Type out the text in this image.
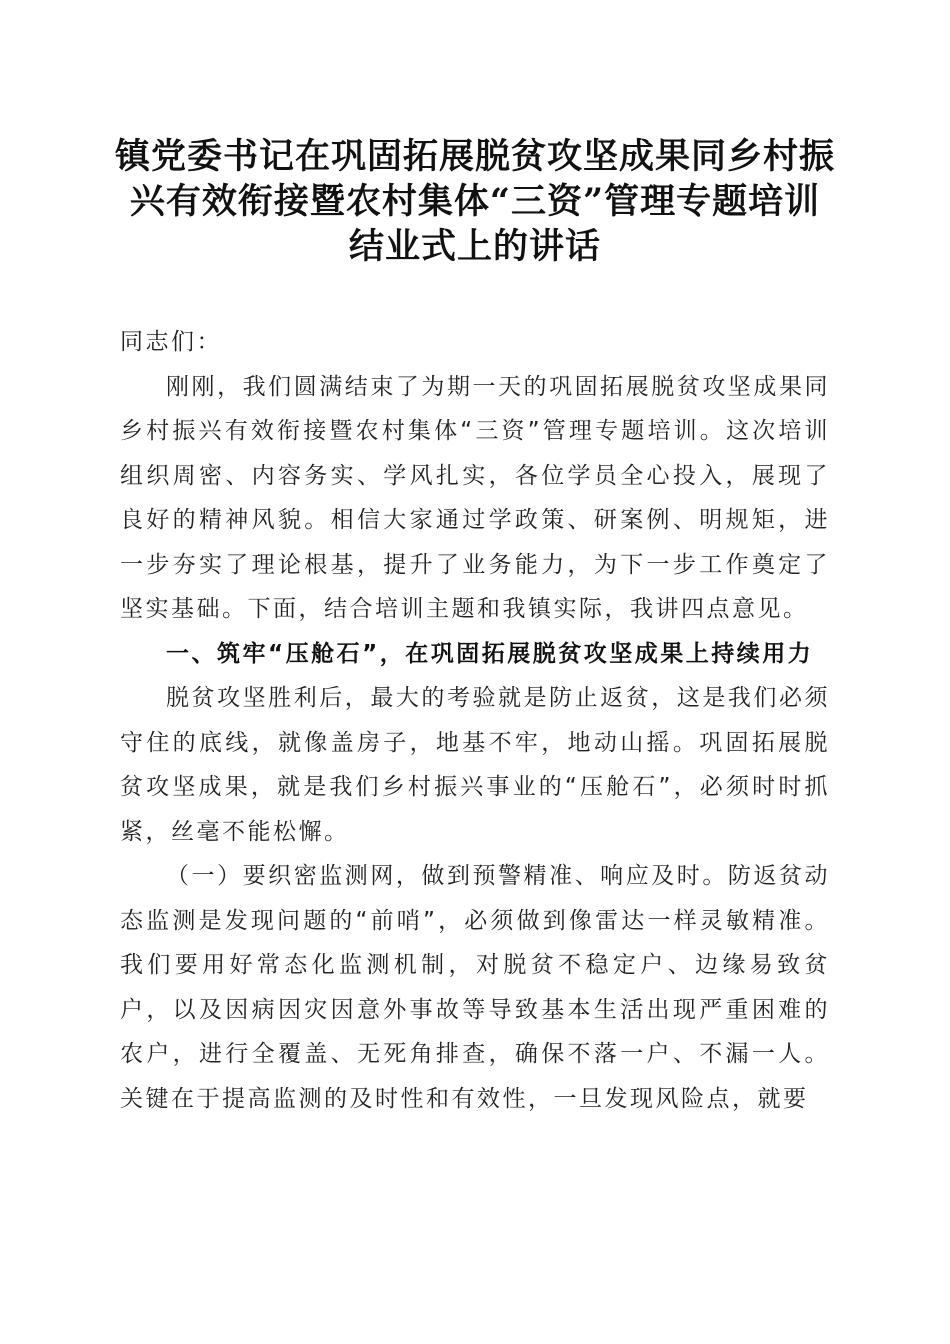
镇党委书记在巩固拓展脱贫攻坚成果同乡村振
兴有效衔接暨农村集体“三资”管理专题培训
结业式上的讲话

同志们：

刚刚，我们圆满结束了为期一天的巩固拓展脱贫攻坚成果同乡村振兴有效衔接暨农村集体“三资”管理专题培训。这次培训组织周密、内容务实、学风扎实，各位学员全心投入，展现了良好的精神风貌。相信大家通过学政策、研案例、明规矩，进一步夯实了理论根基，提升了业务能力，为下一步工作奠定了坚实基础。下面，结合培训主题和我镇实际，我讲四点意见。

一、筑牢“压舱石”，在巩固拓展脱贫攻坚成果上持续用力

脱贫攻坚胜利后，最大的考验就是防止返贫，这是我们必须守住的底线，就像盖房子，地基不牢，地动山摇。巩固拓展脱贫攻坚成果，就是我们乡村振兴事业的“压舱石”，必须时时抓紧，丝毫不能松懈。

（一）要织密监测网，做到预警精准、响应及时。防返贫动态监测是发现问题的“前哨”，必须做到像雷达一样灵敏精准。我们要用好常态化监测机制，对脱贫不稳定户、边缘易致贫户，以及因病因灾因意外事故等导致基本生活出现严重困难的农户，进行全覆盖、无死角排查，确保不落一户、不漏一人。关键在于提高监测的及时性和有效性，一旦发现风险点，就要
